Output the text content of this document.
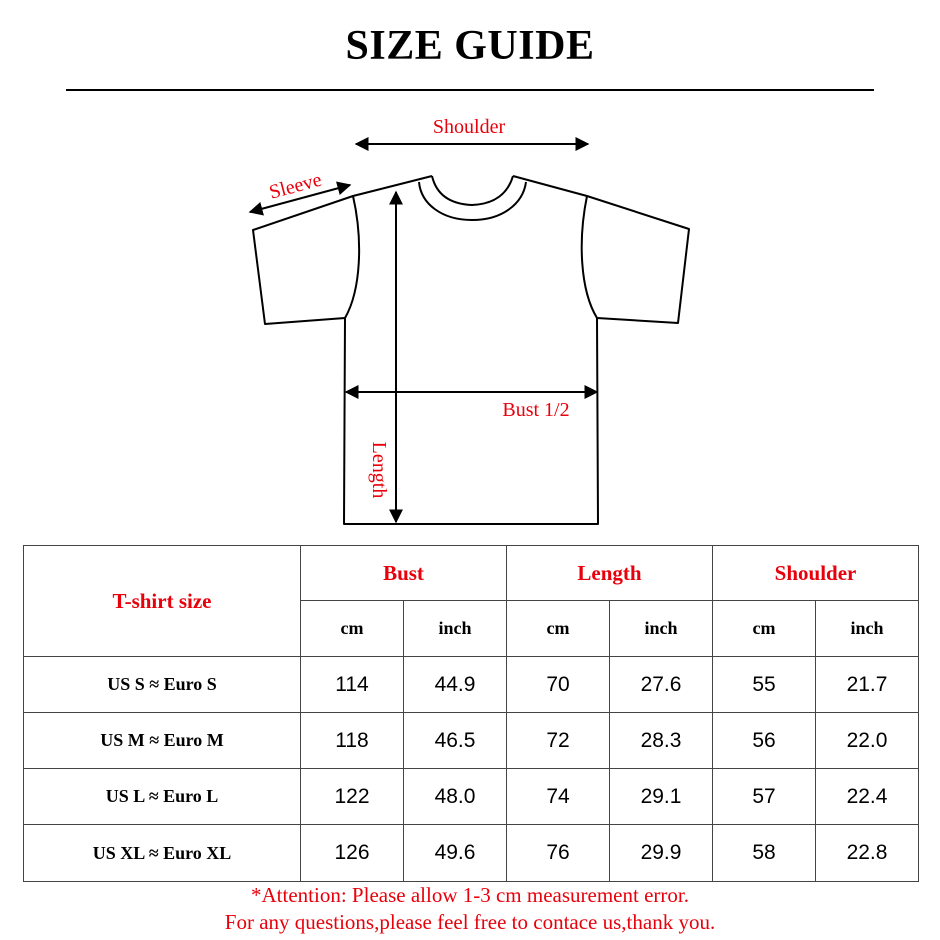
SIZE GUIDE
Shoulder
Sleeve
Bust 1/2
Length
T-shirt size	Bust		Length		Shoulder	
	cm	inch	cm	inch	cm	inch
US S ≈ Euro S	114	44.9	70	27.6	55	21.7
US M ≈ Euro M	118	46.5	72	28.3	56	22.0
US L ≈ Euro L	122	48.0	74	29.1	57	22.4
US XL ≈ Euro XL	126	49.6	76	29.9	58	22.8
*Attention: Please allow 1-3 cm measurement error.
For any questions,please feel free to contace us,thank you.
